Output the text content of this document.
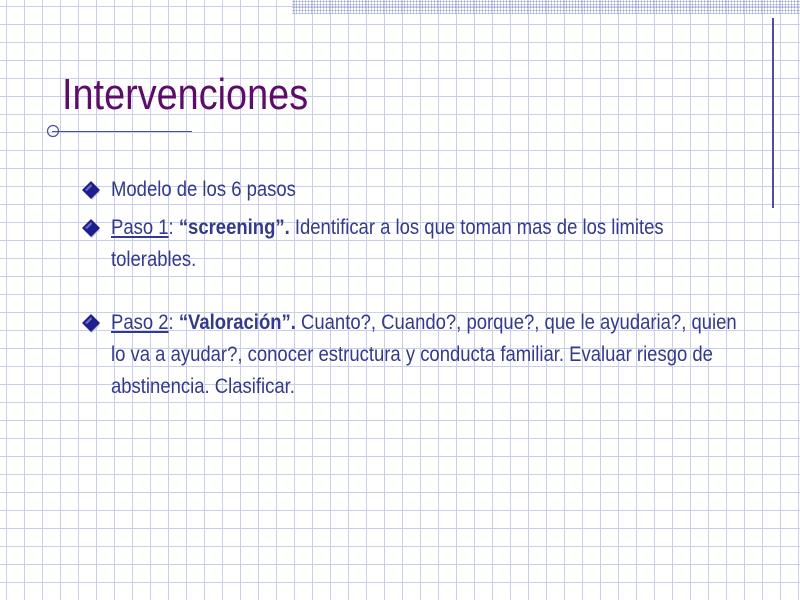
Intervenciones
Modelo de los 6 pasos
Paso 1: “screening”. Identificar a los que toman mas de los limites tolerables.
Paso 2: “Valoración”. Cuanto?, Cuando?, porque?, que le ayudaria?, quien lo va a ayudar?, conocer estructura y conducta familiar. Evaluar riesgo de abstinencia. Clasificar.
